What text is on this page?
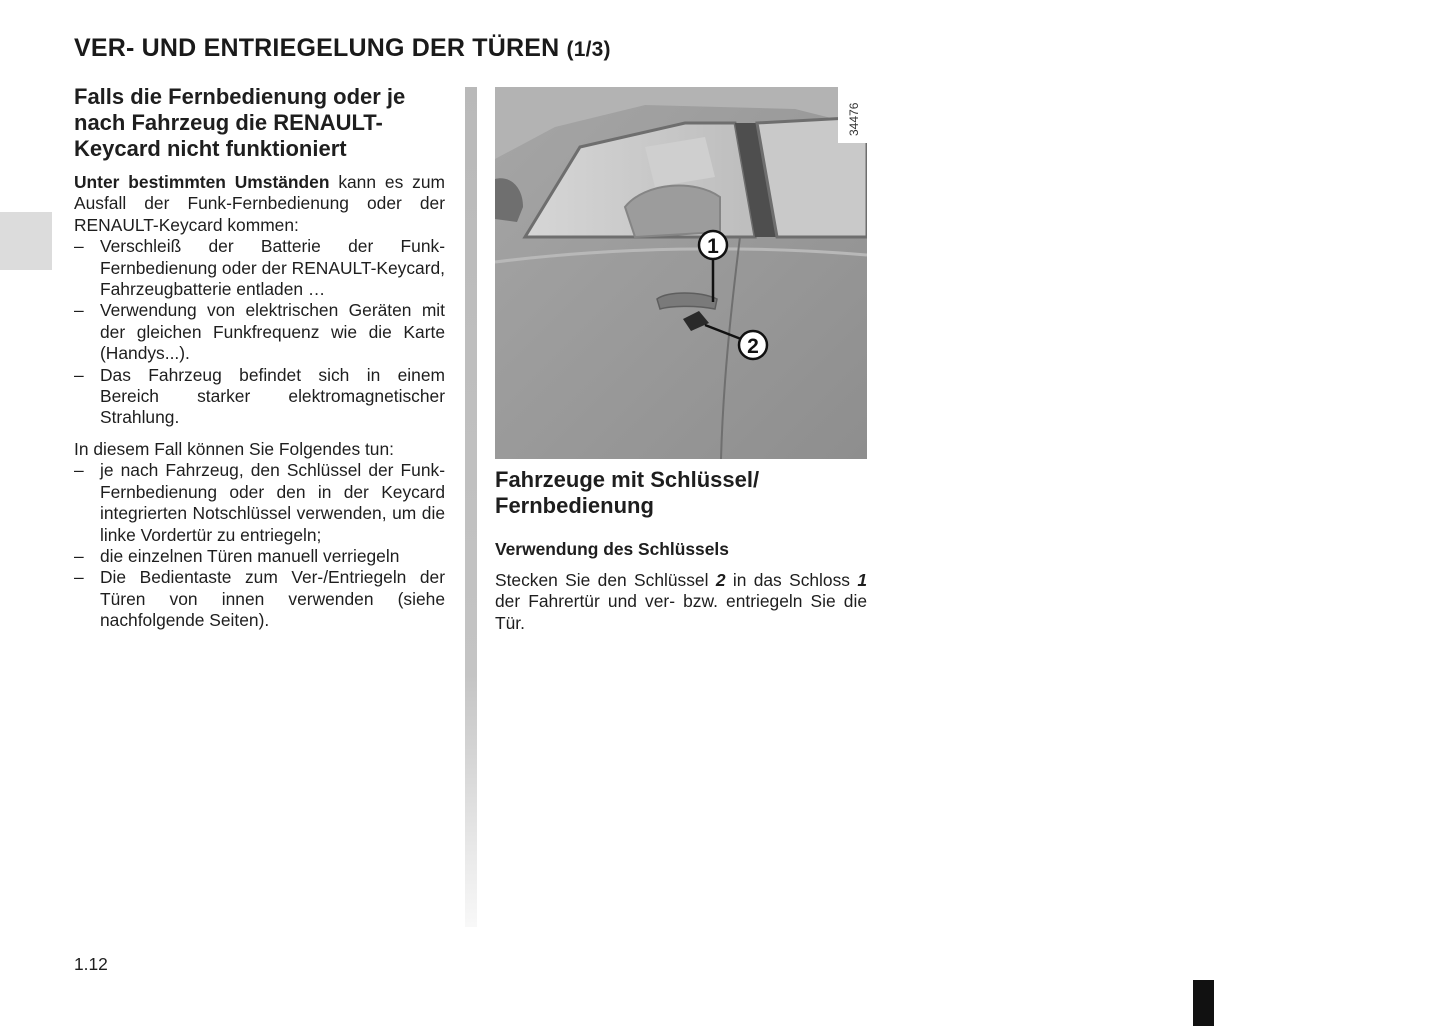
VER- UND ENTRIEGELUNG DER TÜREN (1/3)
Falls die Fernbedienung oder je nach Fahrzeug die RENAULT-Keycard nicht funktioniert

Unter bestimmten Umständen kann es zum Ausfall der Funk-Fernbedienung oder der RENAULT-Keycard kommen:

– Verschleiß der Batterie der Funk-Fernbedienung oder der RENAULT-Keycard, Fahrzeugbatterie entladen …
– Verwendung von elektrischen Geräten mit der gleichen Funkfrequenz wie die Karte (Handys...).
– Das Fahrzeug befindet sich in einem Bereich starker elektromagnetischer Strahlung.

In diesem Fall können Sie Folgendes tun:

– je nach Fahrzeug, den Schlüssel der Funk-Fernbedienung oder den in der Keycard integrierten Notschlüssel verwenden, um die linke Vordertür zu entriegeln;
– die einzelnen Türen manuell verriegeln
– Die Bedientaste zum Ver-/Entriegeln der Türen von innen verwenden (siehe nachfolgende Seiten).
1
2
34476
Fahrzeuge mit Schlüssel/ Fernbedienung
Verwendung des Schlüssels

Stecken Sie den Schlüssel 2 in das Schloss 1 der Fahrertür und ver- bzw. entriegeln Sie die Tür.

1.12
